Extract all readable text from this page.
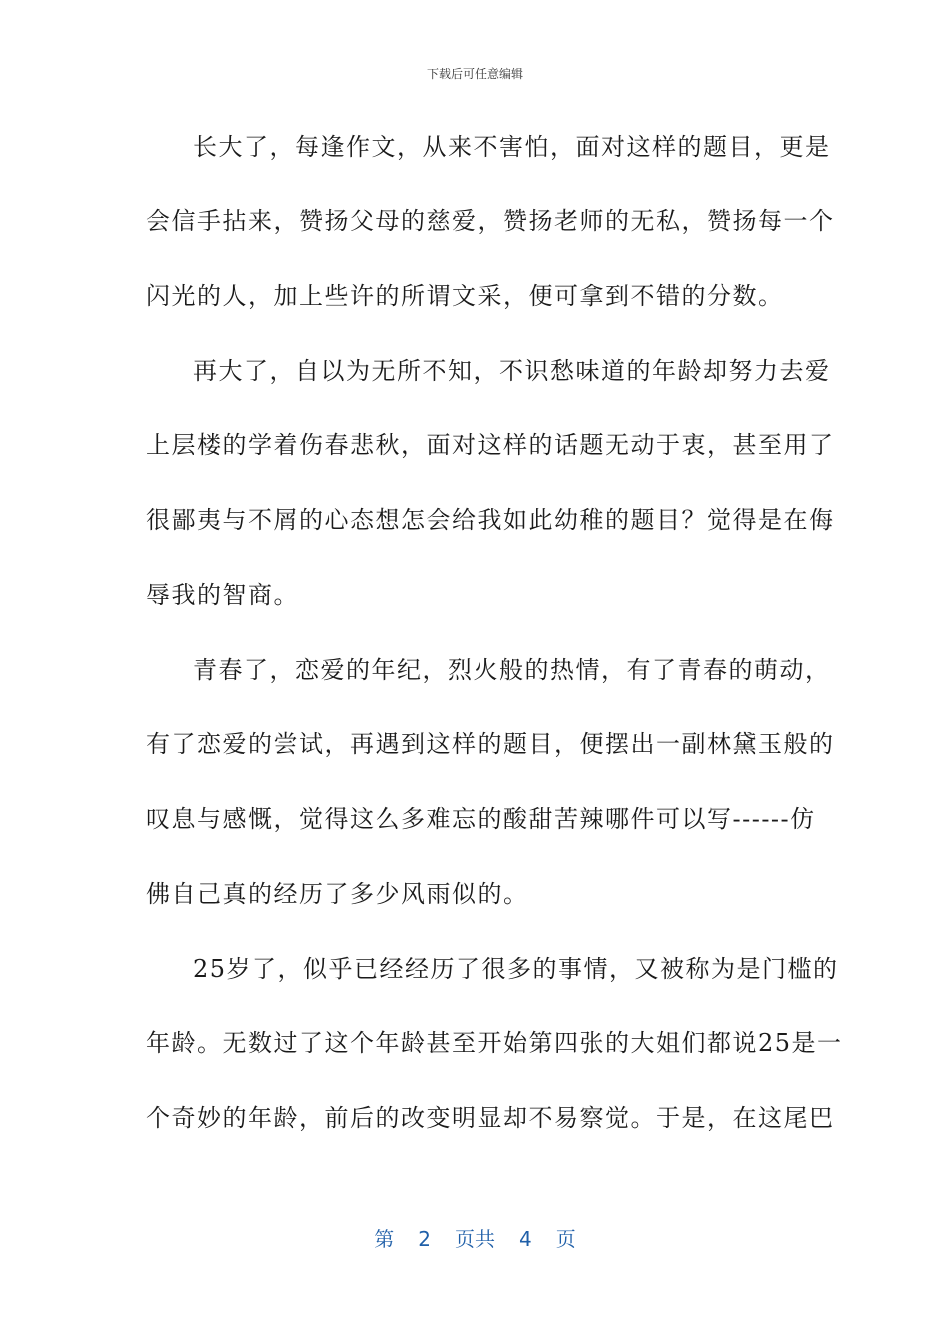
下载后可任意编辑
长大了，每逢作文，从来不害怕，面对这样的题目，更是
会信手拈来，赞扬父母的慈爱，赞扬老师的无私，赞扬每一个
闪光的人，加上些许的所谓文采，便可拿到不错的分数。
再大了，自以为无所不知，不识愁味道的年龄却努力去爱
上层楼的学着伤春悲秋，面对这样的话题无动于衷，甚至用了
很鄙夷与不屑的心态想怎会给我如此幼稚的题目？觉得是在侮
辱我的智商。
青春了，恋爱的年纪，烈火般的热情，有了青春的萌动，
有了恋爱的尝试，再遇到这样的题目，便摆出一副林黛玉般的
叹息与感慨，觉得这么多难忘的酸甜苦辣哪件可以写------仿
佛自己真的经历了多少风雨似的。
25岁了，似乎已经经历了很多的事情，又被称为是门槛的
年龄。无数过了这个年龄甚至开始第四张的大姐们都说25是一
个奇妙的年龄，前后的改变明显却不易察觉。于是，在这尾巴
第 2 页共 4 页
